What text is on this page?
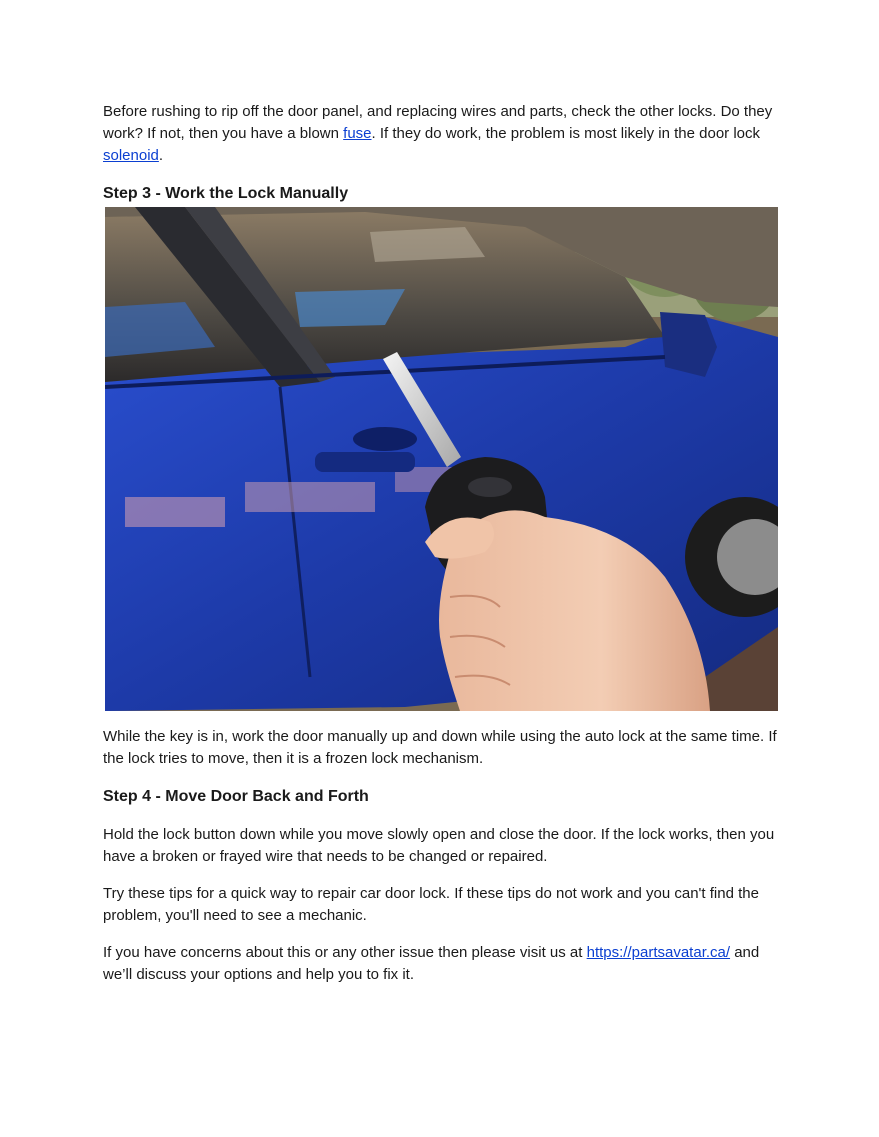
Before rushing to rip off the door panel, and replacing wires and parts, check the other locks. Do they work? If not, then you have a blown fuse. If they do work, the problem is most likely in the door lock solenoid.

Step 3 - Work the Lock Manually

While the key is in, work the door manually up and down while using the auto lock at the same time. If the lock tries to move, then it is a frozen lock mechanism.

Step 4 - Move Door Back and Forth

Hold the lock button down while you move slowly open and close the door. If the lock works, then you have a broken or frayed wire that needs to be changed or repaired.

Try these tips for a quick way to repair car door lock. If these tips do not work and you can't find the problem, you'll need to see a mechanic.

If you have concerns about this or any other issue then please visit us at https://partsavatar.ca/ and we’ll discuss your options and help you to fix it.
